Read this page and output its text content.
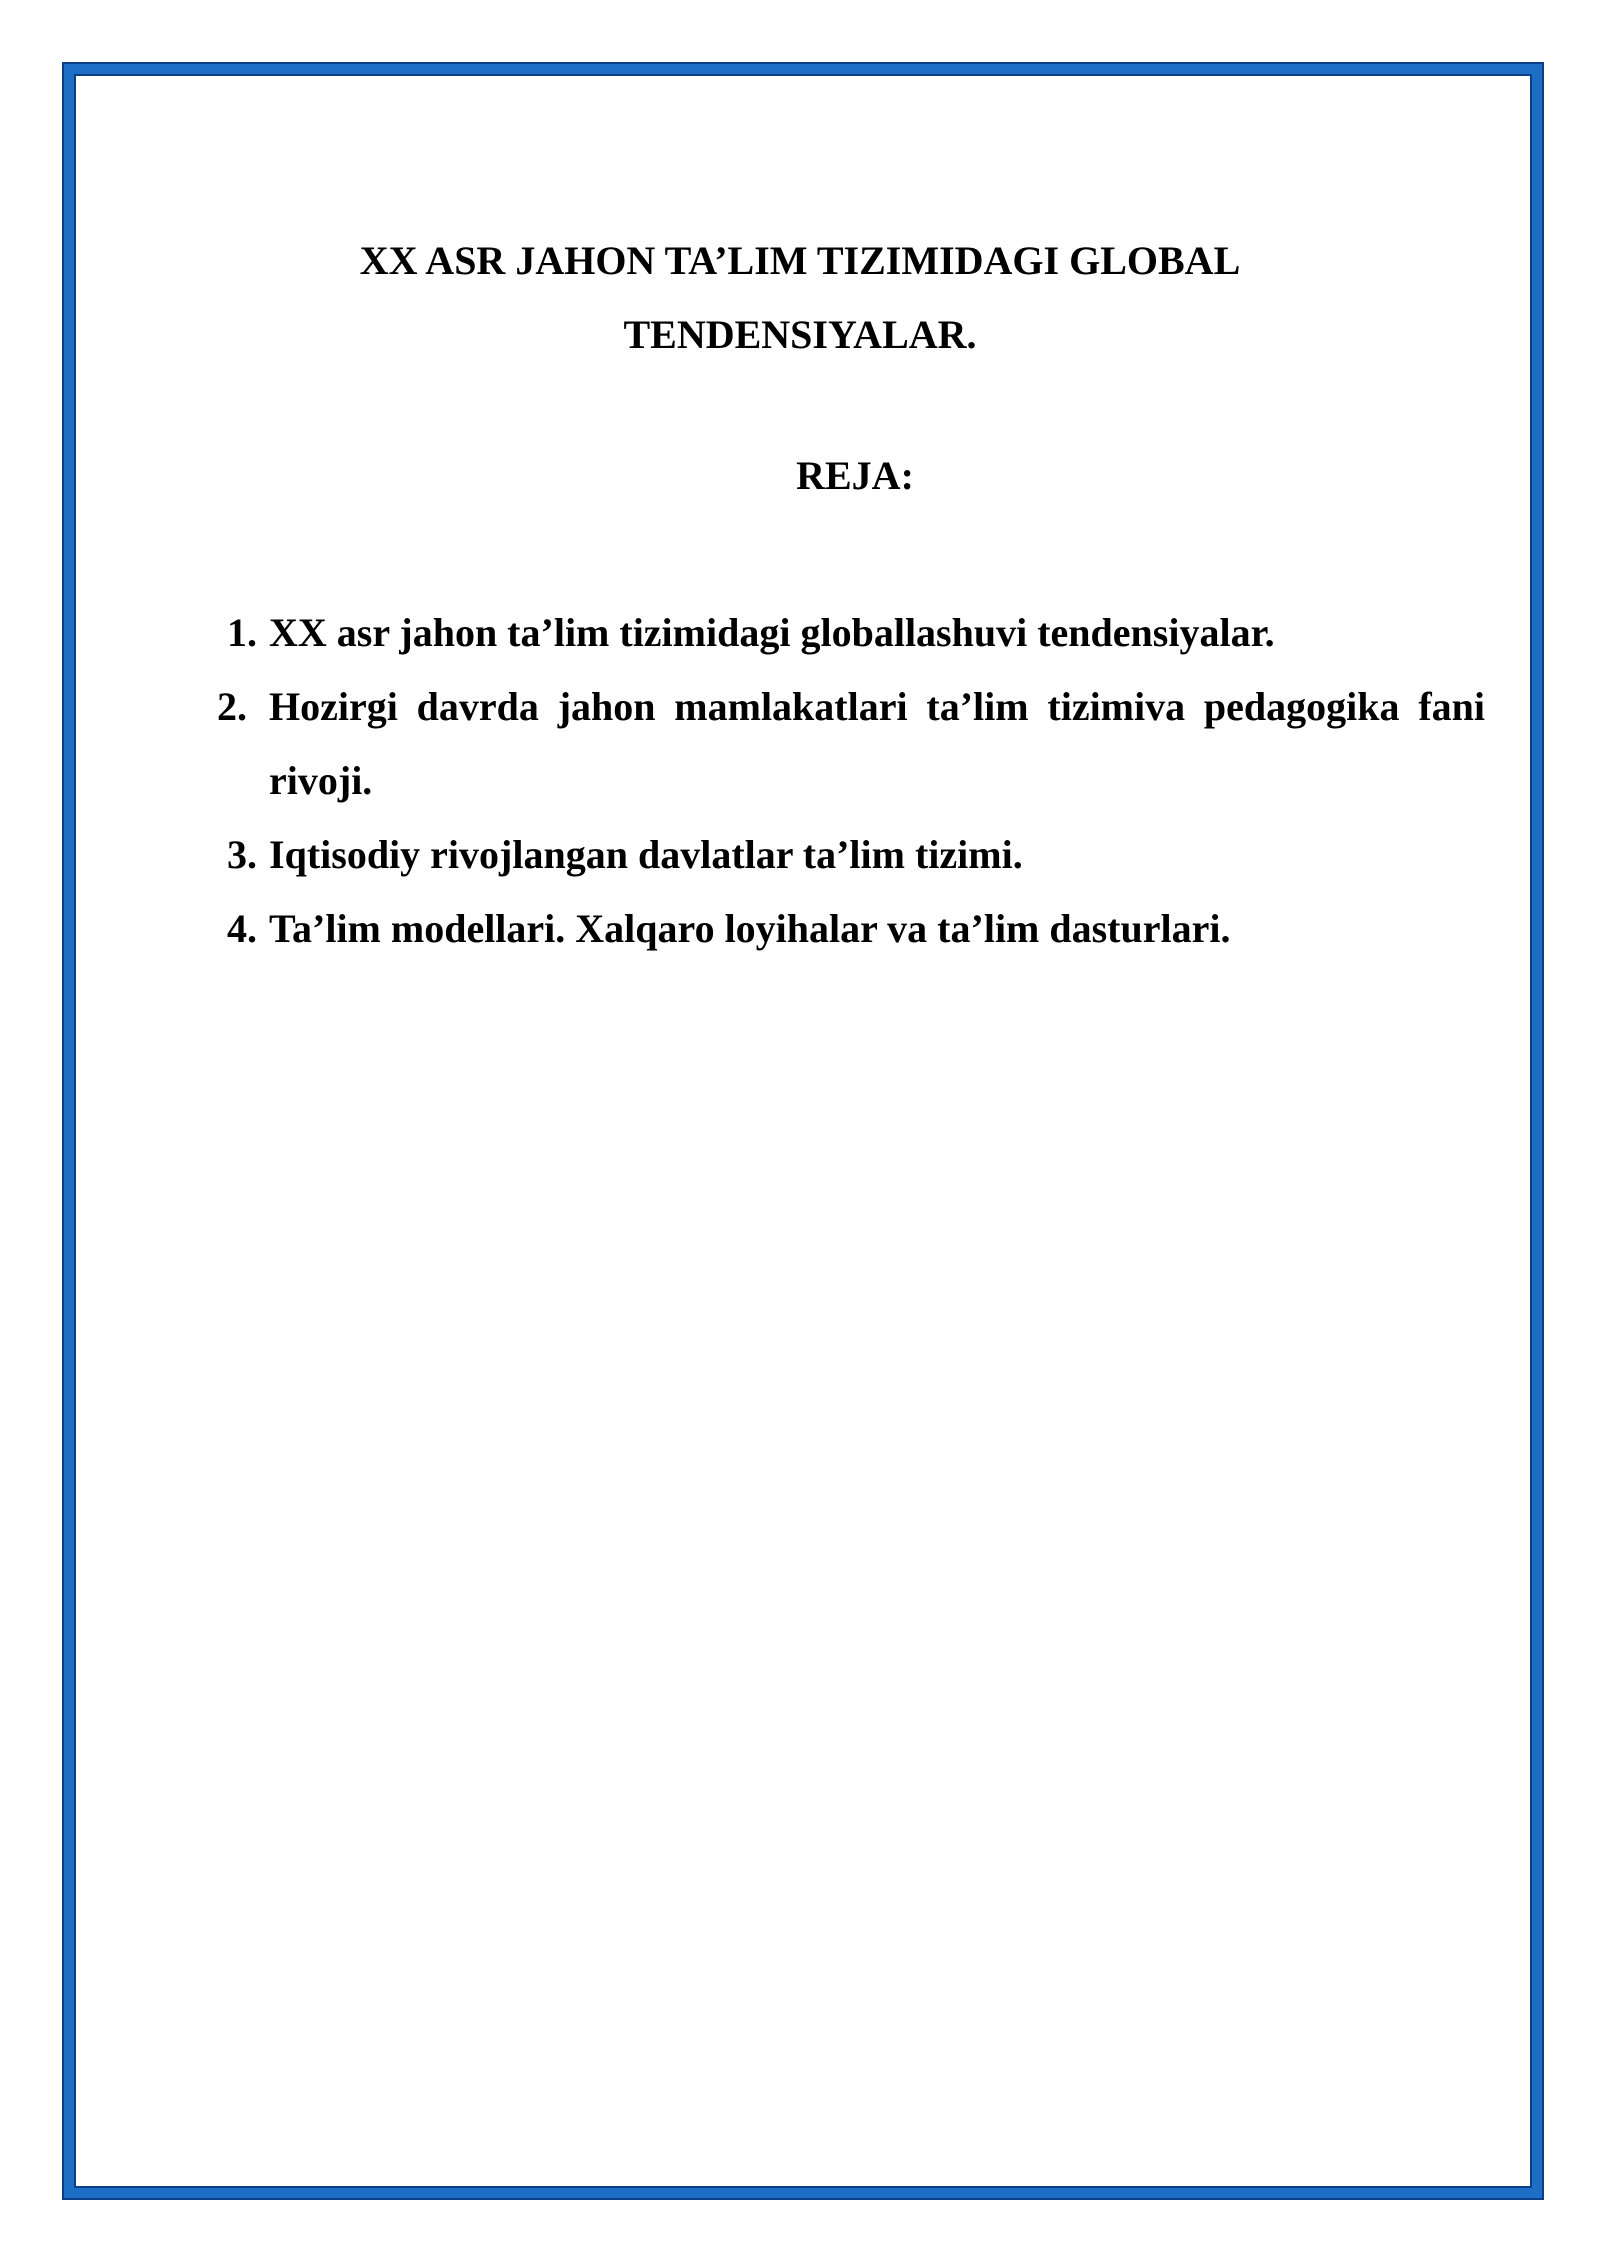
XX ASR JAHON TA’LIM TIZIMIDAGI GLOBAL
TENDENSIYALAR.
REJA:
1. XX asr jahon ta’lim tizimidagi globallashuvi tendensiyalar.
2. Hozirgi davrda jahon mamlakatlari ta’lim tizimiva pedagogika fani rivoji.
3. Iqtisodiy rivojlangan davlatlar ta’lim tizimi.
4. Ta’lim modellari. Xalqaro loyihalar va ta’lim dasturlari.
